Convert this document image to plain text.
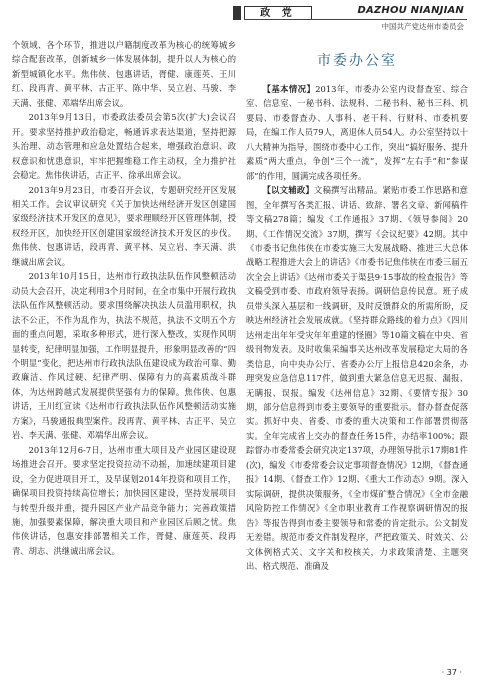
政 党	DAZHOU NIANJIAN
中国共产党达州市委员会

个领域、各个环节，推进以户籍制度改革为核心的统筹城乡综合配套改革，创新城乡一体发展体制，提升以人为核心的新型城镇化水平。焦伟侠、包惠讲话，胥健、康莲英、王川红、段再青、黄平林、古正平、陈中华、吴立岩、马骏、李天满、张健、邓端华出席会议。

2013年9月13日，市委政法委员会第5次(扩大)会议召开。要求坚持推护政治稳定，畅通诉求表达渠道，坚持把源头治理、动态管理和应急处置结合起来，增强政治意识、政权意识和忧患意识，牢牢把握维稳工作主动权，全力推护社会稳定。焦伟侠讲话，古正平、徐承出席会议。

2013年9月23日，市委召开会议，专题研究经开区发展相关工作。会议审议研究《关于加快达州经济开发区创建国家级经济技术开发区的意见》，要求理顺经开区管理体制，授权经开区，加快经开区创建国家级经济技术开发区的步伐。焦伟侠、包惠讲话，段再青、黄平林、吴立岩、李天满、洪继诚出席会议。

2013年10月15日，达州市行政执法队伍作风整顿活动动员大会召开，决定利用3个月时间，在全市集中开展行政执法队伍作风整顿活动。要求围绕解决执法人员滥用职权，执法不公正，不作为乱作为，执法不规范，执法不文明五个方面的重点问题，采取多种形式，进行深入整改，实现作风明显转变，纪律明显加强，工作明显提升，形象明显改善的“四个明显”变化，把达州市行政执法队伍建设成为政治可靠、勤政廉洁、作风过硬、纪律严明、保障有力的高素质战斗群体，为达州跨越式发展提供坚强有力的保障。焦伟侠、包惠讲话，王川红宣读《达州市行政执法队伍作风整顿活动实施方案》，马骏通报典型案件。段再青、黄平林、古正平、吴立岩、李天满、张健、邓端华出席会议。

2013年12月6-7日，达州市重大项目及产业园区建设现场推进会召开。要求坚定投资拉动不动摇，加速续建项目建设，全力促进项目开工，及早谋划2014年投资和项目工作，确保项目投资持续高位增长；加快园区建设，坚持发展项目与转型升级并重，提升园区产业产品竞争能力；完善政策措施，加强要素保障，解决重大项目和产业园区后顾之忧。焦伟侠讲话，包惠安排部署相关工作，胥健、康莲英、段再青、胡志、洪继诚出席会议。

市委办公室

【基本情况】2013年，市委办公室内设督查室、综合室、信息室、一秘书科、法规科、二秘书科、秘书三科、机要局、市委督查办、人事科、老干科、行财科、市委机要局，在编工作人员79人，离退休人员54人。办公室坚持以十八大精神为指导，围绕市委中心工作，突出“搞好服务、提升素质”两大重点，争创“三个一流”，发挥“左右手”和“参谋部”的作用，圆满完成各项任务。

【以文辅政】文稿撰写出精品。紧贴市委工作思路和意图，全年撰写各类汇报、讲话、致辞、署名文章、新闻稿件等文稿278篇；编发《工作通报》37期、《领导参阅》20期、《工作情况交流》37期，撰写《会议纪要》42期。其中《市委书记焦伟侠在市委实施三大发展战略、推进三大总体战略工程推进大会上的讲话》《市委书记焦伟侠在市委三届五次全会上讲话》《达州市委关于渠县9·15事故的检查报告》等文稿受到市委、市政府领导表扬。调研信息传民意。班子成员带头深入基层和一线调研，及时反馈群众的所需所盼，反映达州经济社会发展成就。《坚持群众路线的着力点》《四川达州走出年年受灾年年重建的怪圈》等10篇文稿在中央、省级刊物发表。及时收集采编事关达州改革发展稳定大局的各类信息，向中央办公厅、省委办公厅上报信息420余条，办理突发应急信息117件，做到重大紧急信息无迟报、漏报、无瞒报、误报。编发《达州信息》32期、《要情专报》30期，部分信息得到市委主要领导的重要批示。督办督查促落实。抓好中央、省委、市委的重大决策和工作部署贯彻落实。全年完成省上交办的督查任务15件，办结率100%；跟踪督办市委常委会研究决定137项，办理领导批示17期81件(次)，编发《市委常委会议定事项督查情况》12期，《督查通报》14期、《督查工作》12期、《重大工作动态》9期。深入实际调研，提供决策服务，《全市煤矿整合情况》《全市金融风险防控工作情况》《全市职业教育工作视察调研情况的报告》等报告得到市委主要领导和常委的肯定批示。公文制发无差错。规范市委文件制发程序，严把政策关、时效关、公文体例格式关、文字关和校核关，力求政策清楚、主题突出、格式规范、准确及

· 37 ·
